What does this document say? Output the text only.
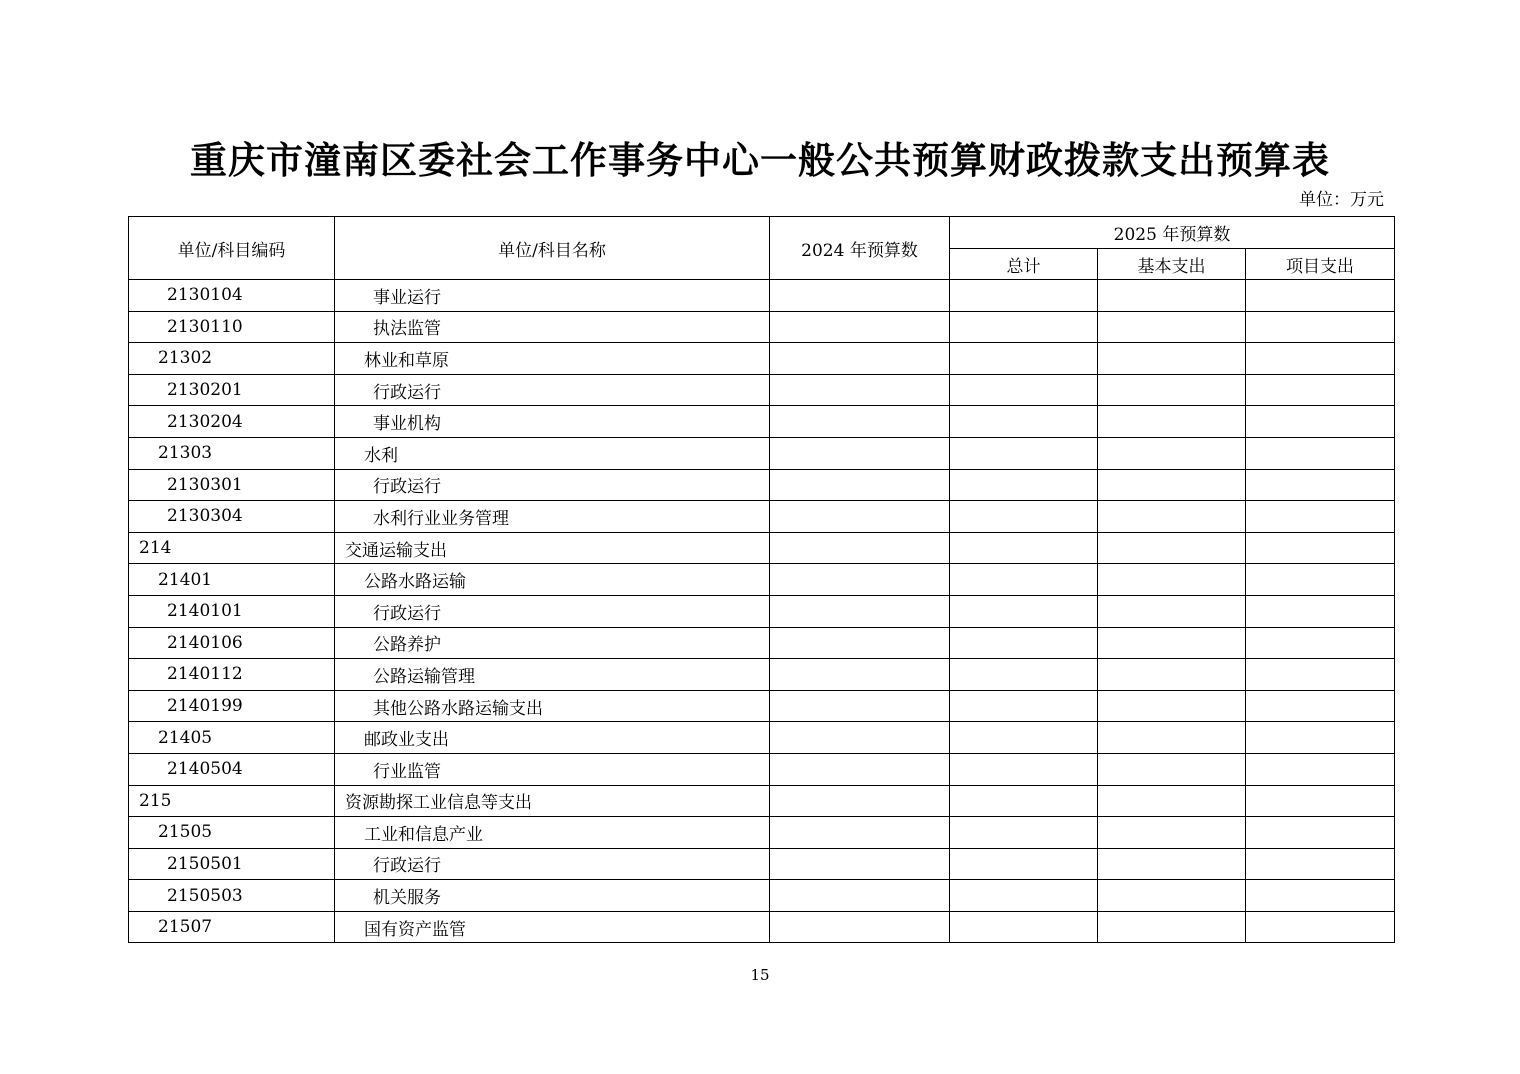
重庆市潼南区委社会工作事务中心一般公共预算财政拨款支出预算表
单位：万元
单位/科目编码	单位/科目名称	2024 年预算数	2025 年预算数		
			总计	基本支出	项目支出
2130104	事业运行				
2130110	执法监管				
21302	林业和草原				
2130201	行政运行				
2130204	事业机构				
21303	水利				
2130301	行政运行				
2130304	水利行业业务管理				
214	交通运输支出				
21401	公路水路运输				
2140101	行政运行				
2140106	公路养护				
2140112	公路运输管理				
2140199	其他公路水路运输支出				
21405	邮政业支出				
2140504	行业监管				
215	资源勘探工业信息等支出				
21505	工业和信息产业				
2150501	行政运行				
2150503	机关服务				
21507	国有资产监管				
15
